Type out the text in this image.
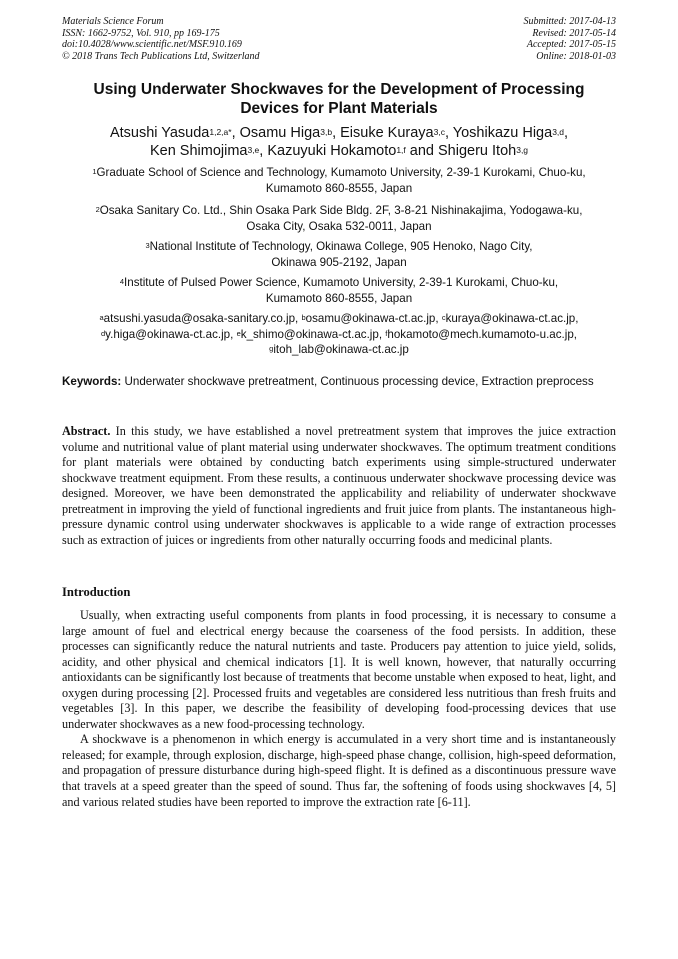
Materials Science Forum
ISSN: 1662-9752, Vol. 910, pp 169-175
doi:10.4028/www.scientific.net/MSF.910.169
© 2018 Trans Tech Publications Ltd, Switzerland
Submitted: 2017-04-13
Revised: 2017-05-14
Accepted: 2017-05-15
Online: 2018-01-03
Using Underwater Shockwaves for the Development of Processing
Devices for Plant Materials
Atsushi Yasuda$^{1,2,a*}$, Osamu Higa$^{3,b}$, Eisuke Kuraya$^{3,c}$, Yoshikazu Higa$^{3,d}$,
Ken Shimojima$^{3,e}$, Kazuyuki Hokamoto$^{1,f}$ and Shigeru Itoh$^{3,g}$
$^1$Graduate School of Science and Technology, Kumamoto University, 2-39-1 Kurokami, Chuo-ku,
Kumamoto 860-8555, Japan
$^2$Osaka Sanitary Co. Ltd., Shin Osaka Park Side Bldg. 2F, 3-8-21 Nishinakajima, Yodogawa-ku,
Osaka City, Osaka 532-0011, Japan
$^3$National Institute of Technology, Okinawa College, 905 Henoko, Nago City,
Okinawa 905-2192, Japan
$^4$Institute of Pulsed Power Science, Kumamoto University, 2-39-1 Kurokami, Chuo-ku,
Kumamoto 860-8555, Japan
$^a$atsushi.yasuda@osaka-sanitary.co.jp, $^b$osamu@okinawa-ct.ac.jp, $^c$kuraya@okinawa-ct.ac.jp,
$^d$y.higa@okinawa-ct.ac.jp, $^e$k_shimo@okinawa-ct.ac.jp, $^f$hokamoto@mech.kumamoto-u.ac.jp,
$^g$itoh_lab@okinawa-ct.ac.jp
Keywords: Underwater shockwave pretreatment, Continuous processing device, Extraction preprocess
Abstract. In this study, we have established a novel pretreatment system that improves the juice extraction volume and nutritional value of plant material using underwater shockwaves. The optimum treatment conditions for plant materials were obtained by conducting batch experiments using simple-structured underwater shockwave treatment equipment. From these results, a continuous underwater shockwave processing device was designed. Moreover, we have been demonstrated the applicability and reliability of underwater shockwave pretreatment in improving the yield of functional ingredients and fruit juice from plants. The instantaneous high-pressure dynamic control using underwater shockwaves is applicable to a wide range of extraction processes such as extraction of juices or ingredients from other naturally occurring foods and medicinal plants.
Introduction

Usually, when extracting useful components from plants in food processing, it is necessary to consume a large amount of fuel and electrical energy because the coarseness of the food persists. In addition, these processes can significantly reduce the natural nutrients and taste. Producers pay attention to juice yield, solids, acidity, and other physical and chemical indicators [1]. It is well known, however, that naturally occurring antioxidants can be significantly lost because of treatments that become unstable when exposed to heat, light, and oxygen during processing [2]. Processed fruits and vegetables are considered less nutritious than fresh fruits and vegetables [3]. In this paper, we describe the feasibility of developing food-processing devices that use underwater shockwaves as a new food-processing technology.

A shockwave is a phenomenon in which energy is accumulated in a very short time and is instantaneously released; for example, through explosion, discharge, high-speed phase change, collision, high-speed deformation, and propagation of pressure disturbance during high-speed flight. It is defined as a discontinuous pressure wave that travels at a speed greater than the speed of sound. Thus far, the softening of foods using shockwaves [4, 5] and various related studies have been reported to improve the extraction rate [6-11].
